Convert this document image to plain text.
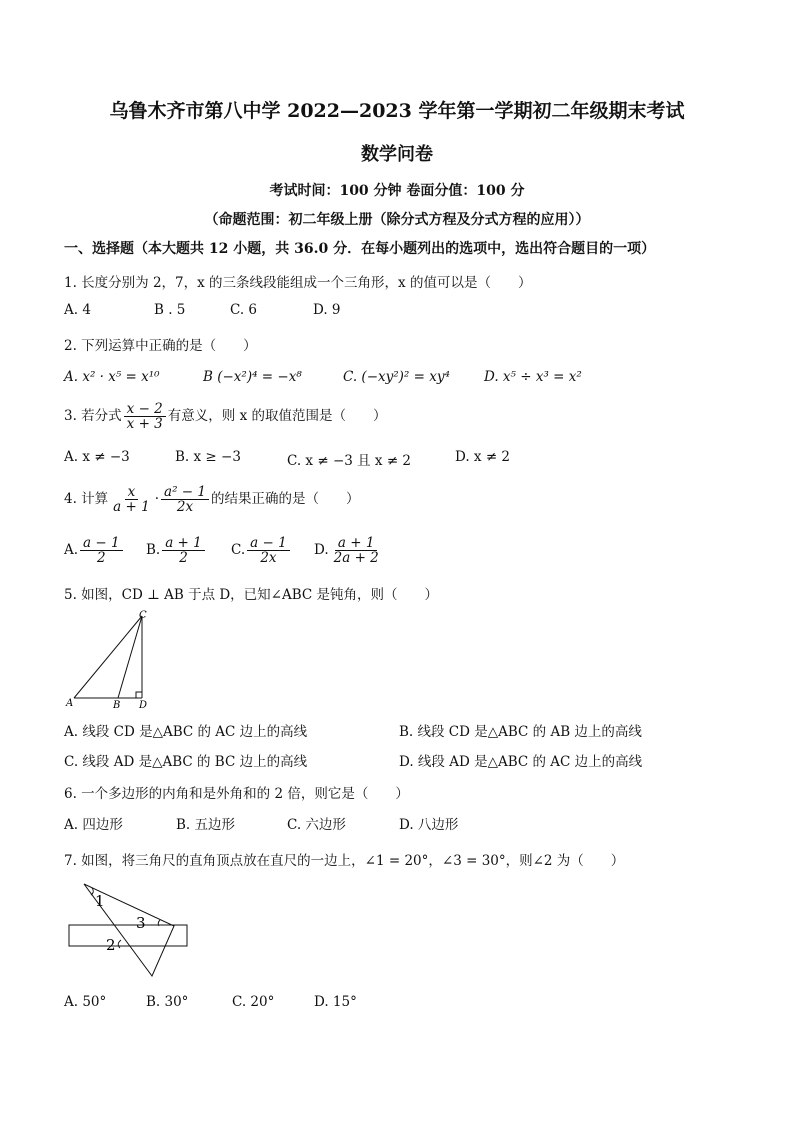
乌鲁木齐市第八中学 2022—2023 学年第一学期初二年级期末考试
数学问卷
考试时间：100 分钟 卷面分值：100 分
（命题范围：初二年级上册（除分式方程及分式方程的应用））
一、选择题（本大题共 12 小题，共 36.0 分．在每小题列出的选项中，选出符合题目的一项）
1. 长度分别为 2，7，x 的三条线段能组成一个三角形，x 的值可以是（　　）
A. 4	B . 5	C. 6	D. 9
2. 下列运算中正确的是（　　）
A. x² · x⁵ = x¹⁰	B (−x²)⁴ = −x⁸	C. (−xy²)² = xy⁴	D. x⁵ ÷ x³ = x²
3. 若分式 $\frac{x - 2}{x + 3}$ 有意义，则 x 的取值范围是（　　）
A. x ≠ −3	B. x ≥ −3	C. x ≠ −3 且 x ≠ 2	D. x ≠ 2
4. 计算 $\frac{x}{a + 1} \cdot \frac{\text{a² − 1}}{2x}$ 的结果正确的是（　　）
A. $\frac{a - 1}{2} B$. $\frac{a + 1}{2} C$. $\frac{a - 1}{2x} D$. $\frac{a + 1}{2a + 2}$
5. 如图，CD ⊥ AB 于点 D，已知∠ABC 是钝角，则（　　）
C
A	B D
A. 线段 CD 是△ABC 的 AC 边上的高线	B. 线段 CD 是△ABC 的 AB 边上的高线
C. 线段 AD 是△ABC 的 BC 边上的高线	D. 线段 AD 是△ABC 的 AC 边上的高线
6. 一个多边形的内角和是外角和的 2 倍，则它是（　　）
A. 四边形	B. 五边形	C. 六边形	D. 八边形
7. 如图，将三角尺的直角顶点放在直尺的一边上，∠1 = 20°，∠3 = 30°，则∠2 为（　　）
1
3
2
A. 50°	B. 30°	C. 20°	D. 15°
